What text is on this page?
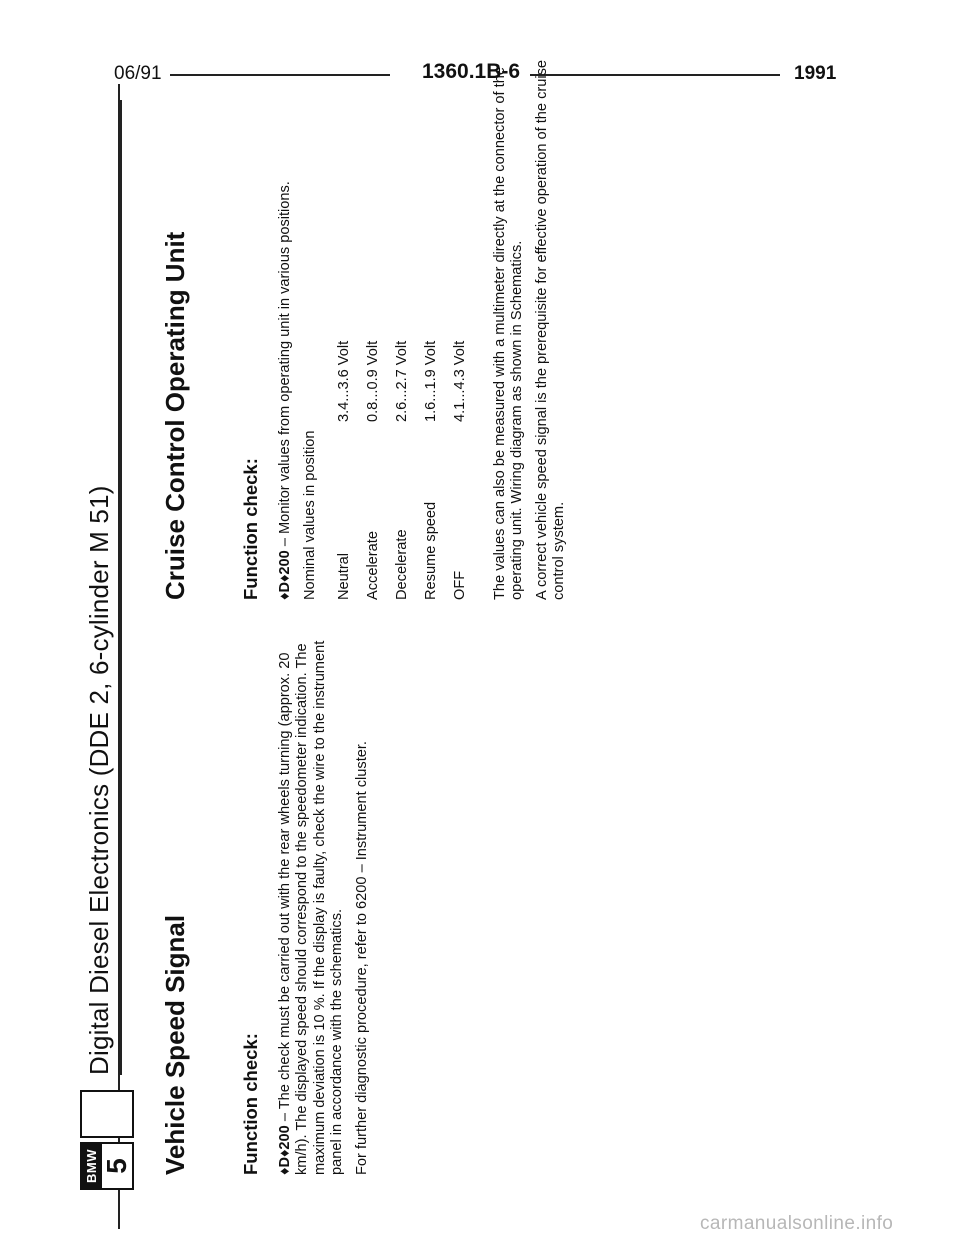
06/91	1360.1B-6	1991
BMW 5
Digital Diesel Electronics (DDE 2, 6-cylinder M 51) Vehicle Speed Signal	Function check: ♦D♦200 – The check must be carried out with the rear wheels turning (approx. 20 km/h). The displayed speed should correspond to the speedometer indication. The maximum deviation is 10 %. If the display is faulty, check the wire to the instrument panel in accordance with the schematics. For further diagnostic procedure, refer to 6200 – Instrument cluster.

Cruise Control Operating Unit	Function check: ♦D♦200 – Monitor values from operating unit in various positions. Nominal values in position Neutral	3.4...3.6 Volt
Accelerate	0.8...0.9 Volt
Decelerate	2.6...2.7 Volt
Resume speed	1.6...1.9 Volt
OFF	4.1...4.3 Volt The values can also be measured with a multimeter directly at the connector of the operating unit. Wiring diagram as shown in Schematics. A correct vehicle speed signal is the prerequisite for effective operation of the cruise control system.

carmanualsonline.info
